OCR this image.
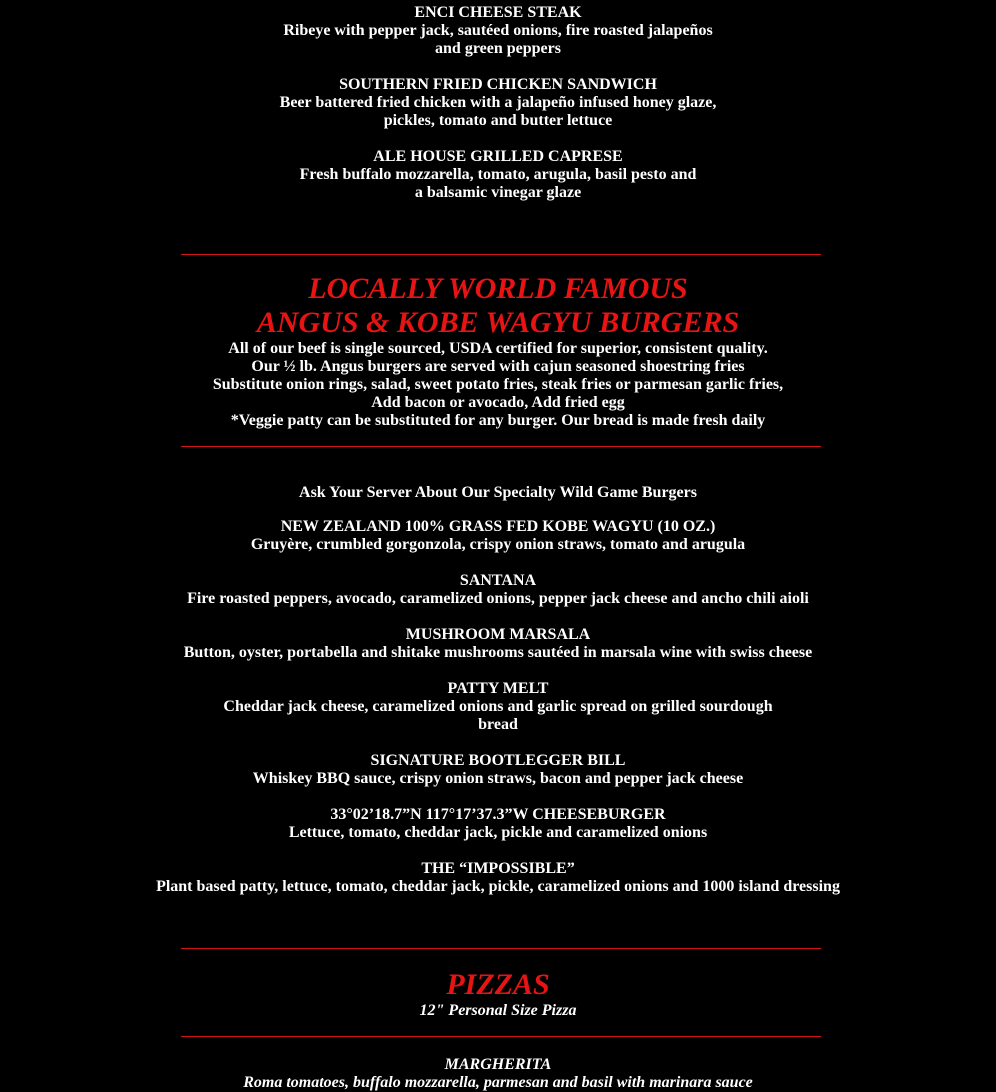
ENCI CHEESE STEAK
Ribeye with pepper jack, sautéed onions, fire roasted jalapeños
and green peppers
SOUTHERN FRIED CHICKEN SANDWICH
Beer battered fried chicken with a jalapeño infused honey glaze,
pickles, tomato and butter lettuce
ALE HOUSE GRILLED CAPRESE
Fresh buffalo mozzarella, tomato, arugula, basil pesto and
a balsamic vinegar glaze
LOCALLY WORLD FAMOUS
ANGUS & KOBE WAGYU BURGERS
All of our beef is single sourced, USDA certified for superior, consistent quality.
Our ½ lb. Angus burgers are served with cajun seasoned shoestring fries
Substitute onion rings, salad, sweet potato fries, steak fries or parmesan garlic fries,
Add bacon or avocado, Add fried egg
*Veggie patty can be substituted for any burger. Our bread is made fresh daily
Ask Your Server About Our Specialty Wild Game Burgers
NEW ZEALAND 100% GRASS FED KOBE WAGYU (10 OZ.)
Gruyère, crumbled gorgonzola, crispy onion straws, tomato and arugula
SANTANA
Fire roasted peppers, avocado, caramelized onions, pepper jack cheese and ancho chili aioli
MUSHROOM MARSALA
Button, oyster, portabella and shitake mushrooms sautéed in marsala wine with swiss cheese
PATTY MELT
Cheddar jack cheese, caramelized onions and garlic spread on grilled sourdough
bread
SIGNATURE BOOTLEGGER BILL
Whiskey BBQ sauce, crispy onion straws, bacon and pepper jack cheese
33°02’18.7”N 117°17’37.3”W CHEESEBURGER
Lettuce, tomato, cheddar jack, pickle and caramelized onions
THE “IMPOSSIBLE”
Plant based patty, lettuce, tomato, cheddar jack, pickle, caramelized onions and 1000 island dressing
PIZZAS
12" Personal Size Pizza
MARGHERITA
Roma tomatoes, buffalo mozzarella, parmesan and basil with marinara sauce
